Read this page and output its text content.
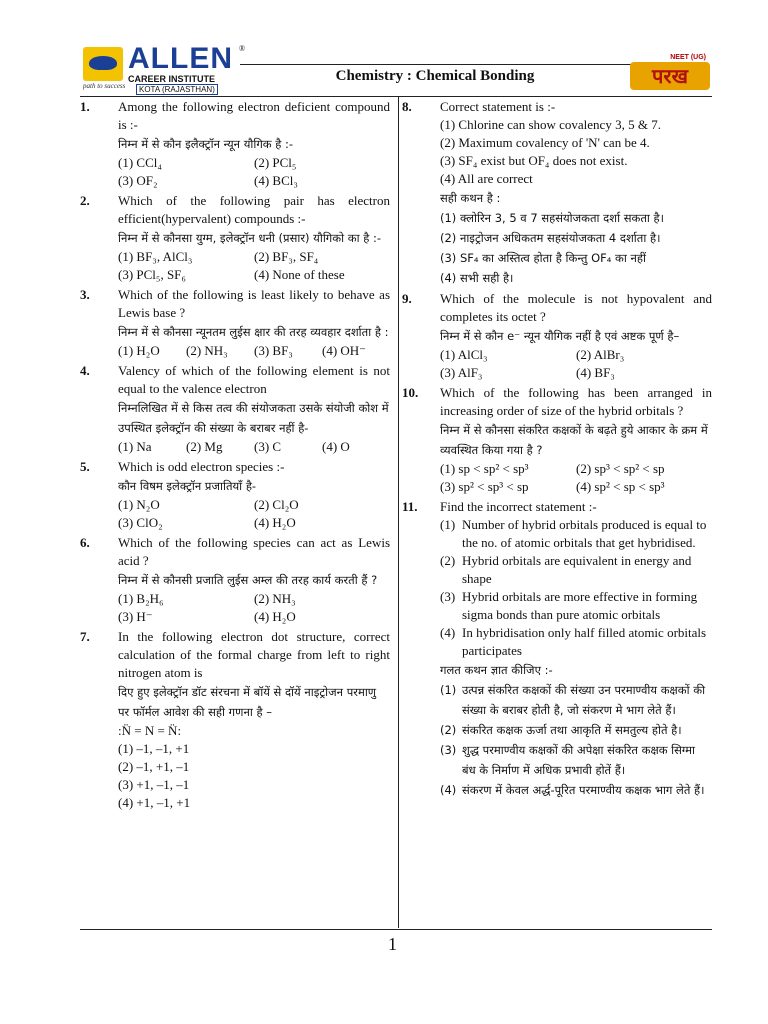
path to success
ALLEN ®
CAREER INSTITUTE
KOTA (RAJASTHAN)
Chemistry : Chemical Bonding	परख
NEET (UG)
1. Among the following electron deficient compound is :-
निम्न में से कौन इलैक्ट्रॉन न्यून यौगिक है :-
(1) CCl₄	(2) PCl₅
(3) OF₂	(4) BCl₃
2. Which of the following pair has electron efficient(hypervalent) compounds :-
निम्न में से कौनसा युग्म, इलेक्ट्रॉन धनी (प्रसार) यौगिको का है :-
(1) BF₃, AlCl₃	(2) BF₃, SF₄
(3) PCl₅, SF₆	(4) None of these
3. Which of the following is least likely to behave as Lewis base ?
निम्न में से कौनसा न्यूनतम लुईस क्षार की तरह व्यवहार दर्शाता है :
(1) H₂O	(2) NH₃	(3) BF₃	(4) OH⁻
4. Valency of which of the following element is not equal to the valence electron
निम्नलिखित में से किस तत्व की संयोजकता उसके संयोजी कोश में उपस्थित इलेक्ट्रॉन की संख्या के बराबर नहीं है-
(1) Na	(2) Mg	(3) C	(4) O
5. Which is odd electron species :-
कौन विषम इलेक्ट्रॉन प्रजातियाँ है-
(1) N₂O	(2) Cl₂O
(3) ClO₂	(4) H₂O
6. Which of the following species can act as Lewis acid ?
निम्न में से कौनसी प्रजाति लुईस अम्ल की तरह कार्य करती हैं ?
(1) B₂H₆	(2) NH₃
(3) H⁻	(4) H₂O
7. In the following electron dot structure, correct calculation of the formal charge from left to right nitrogen atom is
दिए हुए इलेक्ट्रॉन डॉट संरचना में बॉयें से दॉयें नाइट्रोजन परमाणु पर फॉर्मल आवेश की सही गणना है –
:N̈ = N = N̈:
(1) –1, –1, +1
(2) –1, +1, –1
(3) +1, –1, –1
(4) +1, –1, +1
8. Correct statement is :-
(1) Chlorine can show covalency 3, 5 & 7.
(2) Maximum covalency of 'N' can be 4.
(3) SF₄ exist but OF₄ does not exist.
(4) All are correct
सही कथन है :
(1) क्लोरिन 3, 5 व 7 सहसंयोजकता दर्शा सकता है।
(2) नाइट्रोजन अधिकतम सहसंयोजकता 4 दर्शाता है।
(3) SF₄ का अस्तित्व होता है किन्तु OF₄ का नहीं
(4) सभी सही है।
9. Which of the molecule is not hypovalent and completes its octet ?
निम्न में से कौन e⁻ न्यून यौगिक नहीं है एवं अष्टक पूर्ण है–
(1) AlCl₃	(2) AlBr₃
(3) AlF₃	(4) BF₃
10. Which of the following has been arranged in increasing order of size of the hybrid orbitals ?
निम्न में से कौनसा संकरित कक्षकों के बढ़ते हुये आकार के क्रम में व्यवस्थित किया गया है ?
(1) sp < sp² < sp³	(2) sp³ < sp² < sp
(3) sp² < sp³ < sp	(4) sp² < sp < sp³
11. Find the incorrect statement :-
(1) Number of hybrid orbitals produced is equal to the no. of atomic orbitals that get hybridised.
(2) Hybrid orbitals are equivalent in energy and shape
(3) Hybrid orbitals are more effective in forming sigma bonds than pure atomic orbitals
(4) In hybridisation only half filled atomic orbitals participates
गलत कथन ज्ञात कीजिए :-
(1) उत्पन्न संकरित कक्षकों की संख्या उन परमाण्वीय कक्षकों की संख्या के बराबर होती है, जो संकरण मे भाग लेते हैं।
(2) संकरित कक्षक ऊर्जा तथा आकृति में समतुल्य होते है।
(3) शुद्ध परमाण्वीय कक्षकों की अपेक्षा संकरित कक्षक सिग्मा बंध के निर्माण में अधिक प्रभावी होतें हैं।
(4) संकरण में केवल अर्द्ध-पूरित परमाण्वीय कक्षक भाग लेते हैं।
1
